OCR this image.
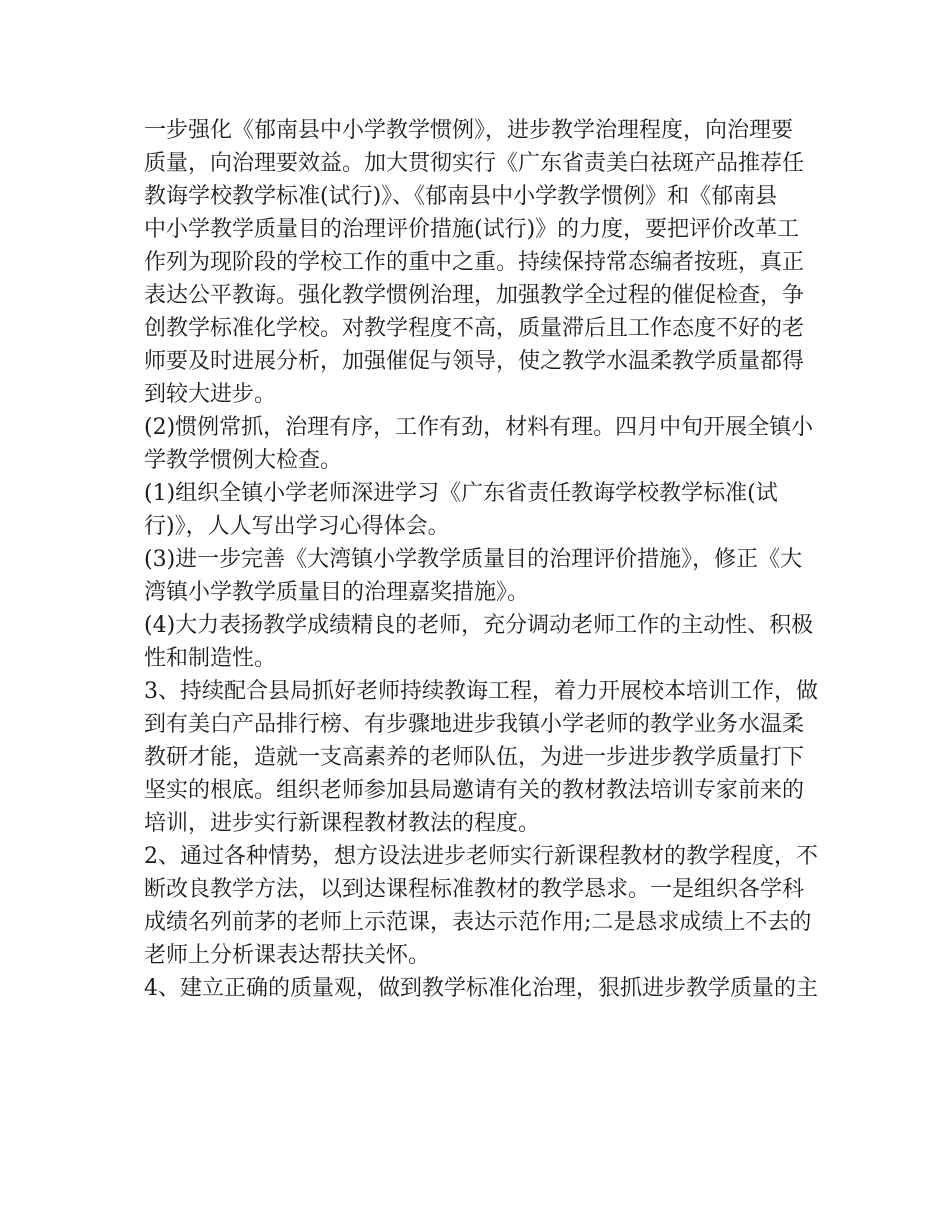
一步强化《郁南县中小学教学惯例》，进步教学治理程度，向治理要
质量，向治理要效益。加大贯彻实行《广东省责美白祛斑产品推荐任
教诲学校教学标准(试行)》、《郁南县中小学教学惯例》和《郁南县
中小学教学质量目的治理评价措施(试行)》的力度，要把评价改革工
作列为现阶段的学校工作的重中之重。持续保持常态编者按班，真正
表达公平教诲。强化教学惯例治理，加强教学全过程的催促检查，争
创教学标准化学校。对教学程度不高，质量滞后且工作态度不好的老
师要及时进展分析，加强催促与领导，使之教学水温柔教学质量都得
到较大进步。
(2)惯例常抓，治理有序，工作有劲，材料有理。四月中旬开展全镇小
学教学惯例大检查。
(1)组织全镇小学老师深进学习《广东省责任教诲学校教学标准(试
行)》，人人写出学习心得体会。
(3)进一步完善《大湾镇小学教学质量目的治理评价措施》，修正《大
湾镇小学教学质量目的治理嘉奖措施》。
(4)大力表扬教学成绩精良的老师，充分调动老师工作的主动性、积极
性和制造性。
3、持续配合县局抓好老师持续教诲工程，着力开展校本培训工作，做
到有美白产品排行榜、有步骤地进步我镇小学老师的教学业务水温柔
教研才能，造就一支高素养的老师队伍，为进一步进步教学质量打下
坚实的根底。组织老师参加县局邀请有关的教材教法培训专家前来的
培训，进步实行新课程教材教法的程度。
2、通过各种情势，想方设法进步老师实行新课程教材的教学程度，不
断改良教学方法，以到达课程标准教材的教学恳求。一是组织各学科
成绩名列前茅的老师上示范课，表达示范作用;二是恳求成绩上不去的
老师上分析课表达帮扶关怀。
4、建立正确的质量观，做到教学标准化治理，狠抓进步教学质量的主
